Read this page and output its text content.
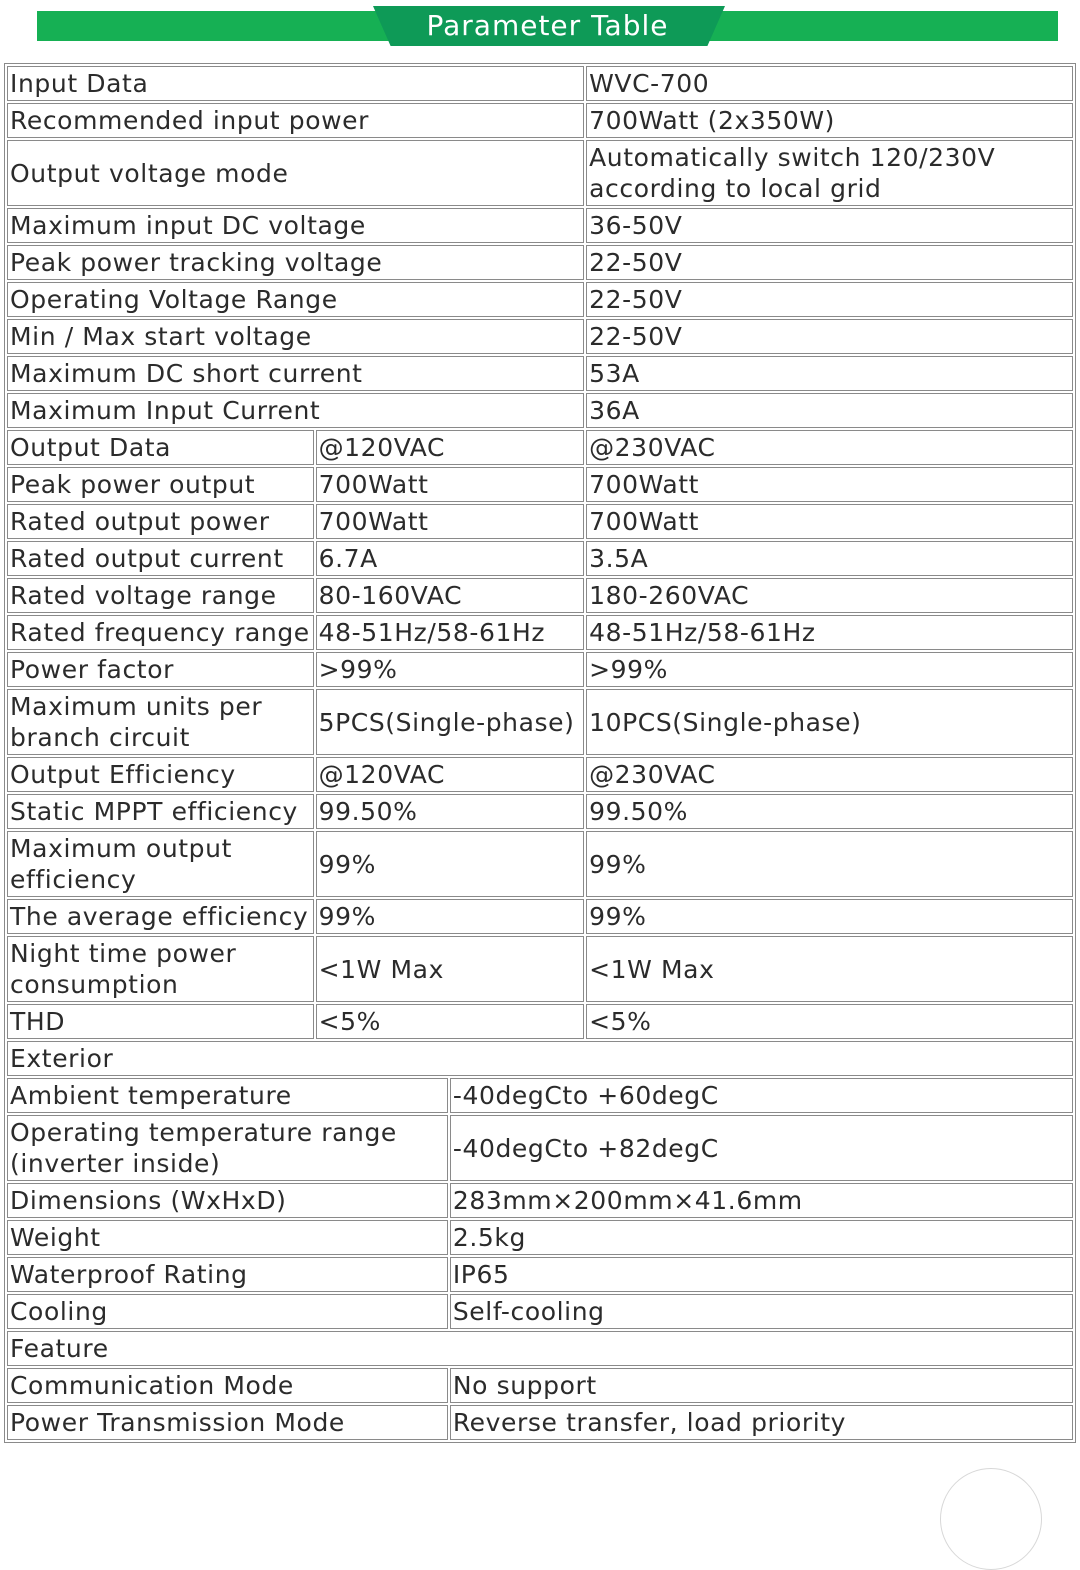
Parameter Table
Input Data			WVC-700
Recommended input power			700Watt (2x350W)
Output voltage mode			Automatically switch 120/230V
according to local grid
Maximum input DC voltage			36-50V
Peak power tracking voltage			22-50V
Operating Voltage Range			22-50V
Min / Max start voltage			22-50V
Maximum DC short current			53A
Maximum Input Current			36A
Output Data	@120VAC		@230VAC
Peak power output	700Watt		700Watt
Rated output power	700Watt		700Watt
Rated output current	6.7A		3.5A
Rated voltage range	80-160VAC		180-260VAC
Rated frequency range	48-51Hz/58-61Hz		48-51Hz/58-61Hz
Power factor	>99%		>99%
Maximum units per
branch circuit	5PCS(Single-phase)		10PCS(Single-phase)
Output Efficiency	@120VAC		@230VAC
Static MPPT efficiency	99.50%		99.50%
Maximum output
efficiency	99%		99%
The average efficiency	99%		99%
Night time power
consumption	<1W Max		<1W Max
THD	<5%		<5%
Exterior			
Ambient temperature		-40degCto +60degC	
Operating temperature range
(inverter inside)		-40degCto +82degC	
Dimensions (WxHxD)		283mm×200mm×41.6mm	
Weight		2.5kg	
Waterproof Rating		IP65	
Cooling		Self-cooling	
Feature			
Communication Mode		No support	
Power Transmission Mode		Reverse transfer, load priority	
